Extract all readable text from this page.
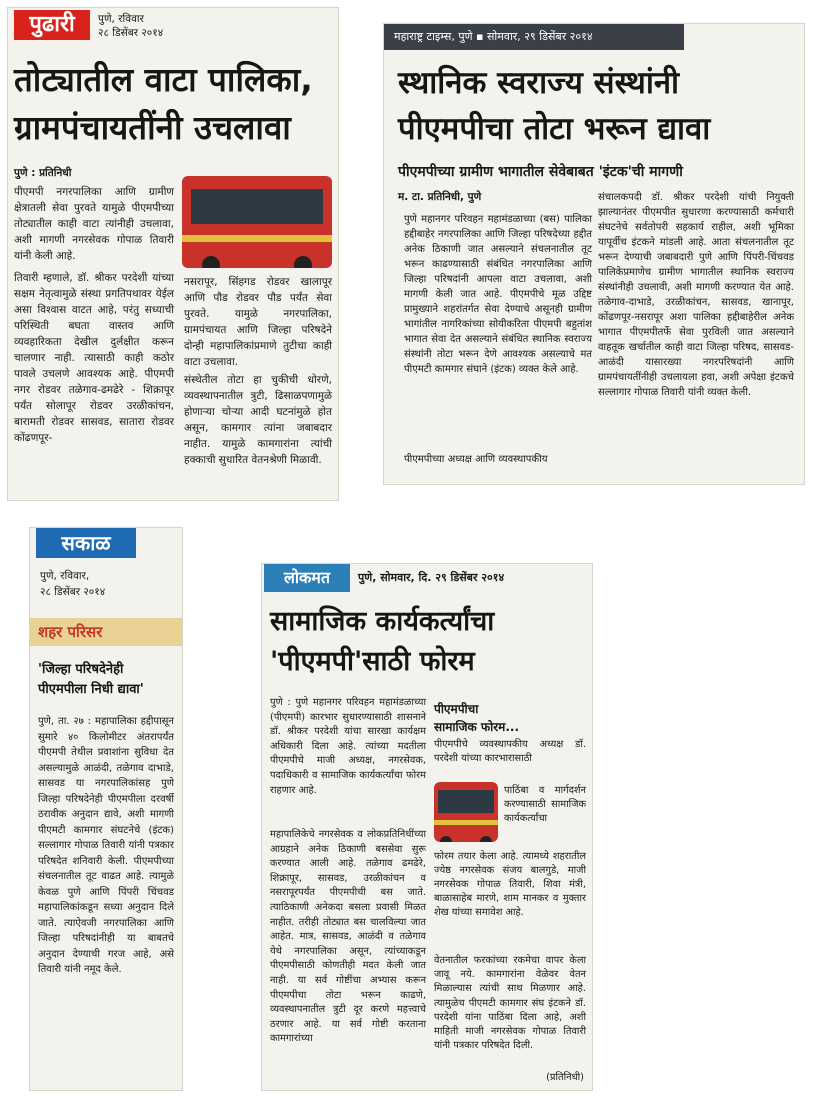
पुढारी	पुणे, रविवार
२८ डिसेंबर २०१४
तोट्यातील वाटा पालिका,
ग्रामपंचायतींनी उचलावा
पुणे : प्रतिनिधी

पीएमपी नगरपालिका आणि ग्रामीण क्षेत्रातली सेवा पुरवते यामुळे पीएमपीच्या तोट्यातील काही वाटा त्यांनीही उचलावा, अशी मागणी नगरसेवक गोपाळ तिवारी यांनी केली आहे.

तिवारी म्हणाले, डॉ. श्रीकर परदेशी यांच्या सक्षम नेतृत्वामुळे संस्था प्रगतिपथावर येईल असा विश्वास वाटत आहे, परंतु सध्याची परिस्थिती बघता वास्तव आणि व्यवहारिकता देखील दुर्लक्षीत करून चालणार नाही. त्यासाठी काही कठोर पावले उचलणे आवश्यक आहे. पीएमपी नगर रोडवर तळेगाव-ढमढेरे - शिक्रापूर पर्यंत सोलापूर रोडवर उरळीकांचन, बारामती रोडवर सासवड, सातारा रोडवर कोंढणपूर-

नसरापूर, सिंहगड रोडवर खालापूर आणि पौड रोडवर पौड पर्यंत सेवा पुरवते. यामुळे नगरपालिका, ग्रामपंचायत आणि जिल्हा परिषदेने दोन्ही महापालिकांप्रमाणे तुटीचा काही वाटा उचलावा.

संस्थेतील तोटा हा चुकीची धोरणे, व्यवस्थापनातील त्रुटी, ढिसाळपणामुळे होणाऱ्या चोऱ्या आदी घटनांमुळे होत असून, कामगार त्यांना जबाबदार नाहीत. यामुळे कामगारांना त्यांची हक्काची सुधारित वेतनश्रेणी मिळावी.

महाराष्ट्र टाइम्स, पुणे ▪ सोमवार, २९ डिसेंबर २०१४
स्थानिक स्वराज्य संस्थांनी
पीएमपीचा तोटा भरून द्यावा
पीएमपीच्या ग्रामीण भागातील सेवेबाबत 'इंटक'ची मागणी
म. टा. प्रतिनिधी, पुणे

पुणे महानगर परिवहन महामंडळाच्या (बस) पालिका हद्दीबाहेर नगरपालिका आणि जिल्हा परिषदेच्या हद्दीत अनेक ठिकाणी जात असल्याने संचलनातील तूट भरून काढण्यासाठी संबंधित नगरपालिका आणि जिल्हा परिषदांनी आपला वाटा उचलावा, अशी मागणी केली जात आहे. पीएमपीचे मूळ उद्दिष्ट प्रामुख्याने शहरांतर्गत सेवा देण्याचे असूनही ग्रामीण भागांतील नागरिकांच्या सोयीकरिता पीएमपी बहुतांश भागात सेवा देत असल्याने संबंधित स्थानिक स्वराज्य संस्थांनी तोटा भरून देणे आवश्यक असल्याचे मत पीएमटी कामगार संघाने (इंटक) व्यक्त केले आहे.

पीएमपीच्या अध्यक्ष आणि व्यवस्थापकीय

संचालकपदी डॉ. श्रीकर परदेशी यांची नियुक्ती झाल्यानंतर पीएमपीत सुधारणा करण्यासाठी कर्मचारी संघटनेचे सर्वतोपरी सहकार्य राहील, अशी भूमिका यापूर्वीच इंटकने मांडली आहे. आता संचलनातील तूट भरून देण्याची जबाबदारी पुणे आणि पिंपरी-चिंचवड पालिकेप्रमाणेच ग्रामीण भागातील स्थानिक स्वराज्य संस्थांनीही उचलावी, अशी मागणी करण्यात येत आहे. तळेगाव-दाभाडे, उरळीकांचन, सासवड, खानापूर, कोंढणपूर-नसरापूर अशा पालिका हद्दीबाहेरील अनेक भागात पीएमपीतर्फे सेवा पुरविली जात असल्याने वाहतूक खर्चातील काही वाटा जिल्हा परिषद, सासवड-आळंदी यासारख्या नगरपरिषदांनी आणि ग्रामपंचायतींनीही उचलायला हवा, अशी अपेक्षा इंटकचे सल्लागार गोपाळ तिवारी यांनी व्यक्त केली.

सकाळ
पुणे, रविवार,
२८ डिसेंबर २०१४
शहर परिसर
'जिल्हा परिषदेनेही
पीएमपीला निधी द्यावा'

पुणे, ता. २७ : महापालिका हद्दीपासून सुमारे ४० किलोमीटर अंतरापर्यंत पीएमपी तेथील प्रवाशांना सुविधा देत असल्यामुळे आळंदी, तळेगाव दाभाडे, सासवड या नगरपालिकांसह पुणे जिल्हा परिषदेनेही पीएमपीला दरवर्षी ठरावीक अनुदान द्यावे, अशी मागणी पीएमटी कामगार संघटनेचे (इंटक) सल्लागार गोपाळ तिवारी यांनी पत्रकार परिषदेत शनिवारी केली. पीएमपीच्या संचलनातील तूट वाढत आहे. त्यामुळे केवळ पुणे आणि पिंपरी चिंचवड महापालिकांकडून सध्या अनुदान दिले जाते. त्याऐवजी नगरपालिका आणि जिल्हा परिषदांनीही या बाबतचे अनुदान देण्याची गरज आहे, असे तिवारी यांनी नमूद केले.

लोकमत	पुणे, सोमवार, दि. २९ डिसेंबर २०१४
सामाजिक कार्यकर्त्यांचा
'पीएमपी'साठी फोरम

पुणे : पुणे महानगर परिवहन महामंडळाच्या (पीएमपी) कारभार सुधारण्यासाठी शासनाने डॉ. श्रीकर परदेशी यांचा सारखा कार्यक्षम अधिकारी दिला आहे. त्यांच्या मदतीला पीएमपीचे माजी अध्यक्ष, नगरसेवक, पदाधिकारी व सामाजिक कार्यकर्त्यांचा फोरम राहणार आहे.

महापालिकेचे नगरसेवक व लोकप्रतिनिधींच्या आग्रहाने अनेक ठिकाणी बससेवा सुरू करण्यात आली आहे. तळेगाव ढमढेरे, शिक्रापूर, सासवड, उरळीकांचन व नसरापूरपर्यंत पीएमपीची बस जाते. त्याठिकाणी अनेकदा बसला प्रवासी मिळत नाहीत. तरीही तोट्यात बस चालविल्या जात आहेत. मात्र, सासवड, आळंदी व तळेगाव येथे नगरपालिका असून, त्यांच्याकडून पीएमपीसाठी कोणतीही मदत केली जात नाही. या सर्व गोष्टींचा अभ्यास करून पीएमपीचा तोटा भरून काढणे, व्यवस्थापनातील त्रुटी दूर करणे महत्त्वाचे ठरणार आहे. या सर्व गोष्टी करताना कामगारांच्या

पीएमपीचा
सामाजिक फोरम...

पीएमपीचे व्यवस्थापकीय अध्यक्ष डॉ. परदेशी यांच्या कारभारासाठी

पाठिंबा व मार्गदर्शन करण्यासाठी सामाजिक कार्यकर्त्यांचा

फोरम तयार केला आहे. त्यामध्ये शहरातील ज्येष्ठ नगरसेवक संजय बालगुडे, माजी नगरसेवक गोपाळ तिवारी, शिवा मंत्री, बाळासाहेब मारणे, शाम मानकर व मुक्तार शेख यांच्या समावेश आहे.

वेतनातील फरकांच्या रकमेचा वापर केला जावू नये. कामगारांना वेळेवर वेतन मिळाल्यास त्यांची साथ मिळणार आहे. त्यामुळेच पीएमटी कामगार संघ इंटकने डॉ. परदेशी यांना पाठिंबा दिला आहे, अशी माहिती माजी नगरसेवक गोपाळ तिवारी यांनी पत्रकार परिषदेत दिली.

(प्रतिनिधी)
